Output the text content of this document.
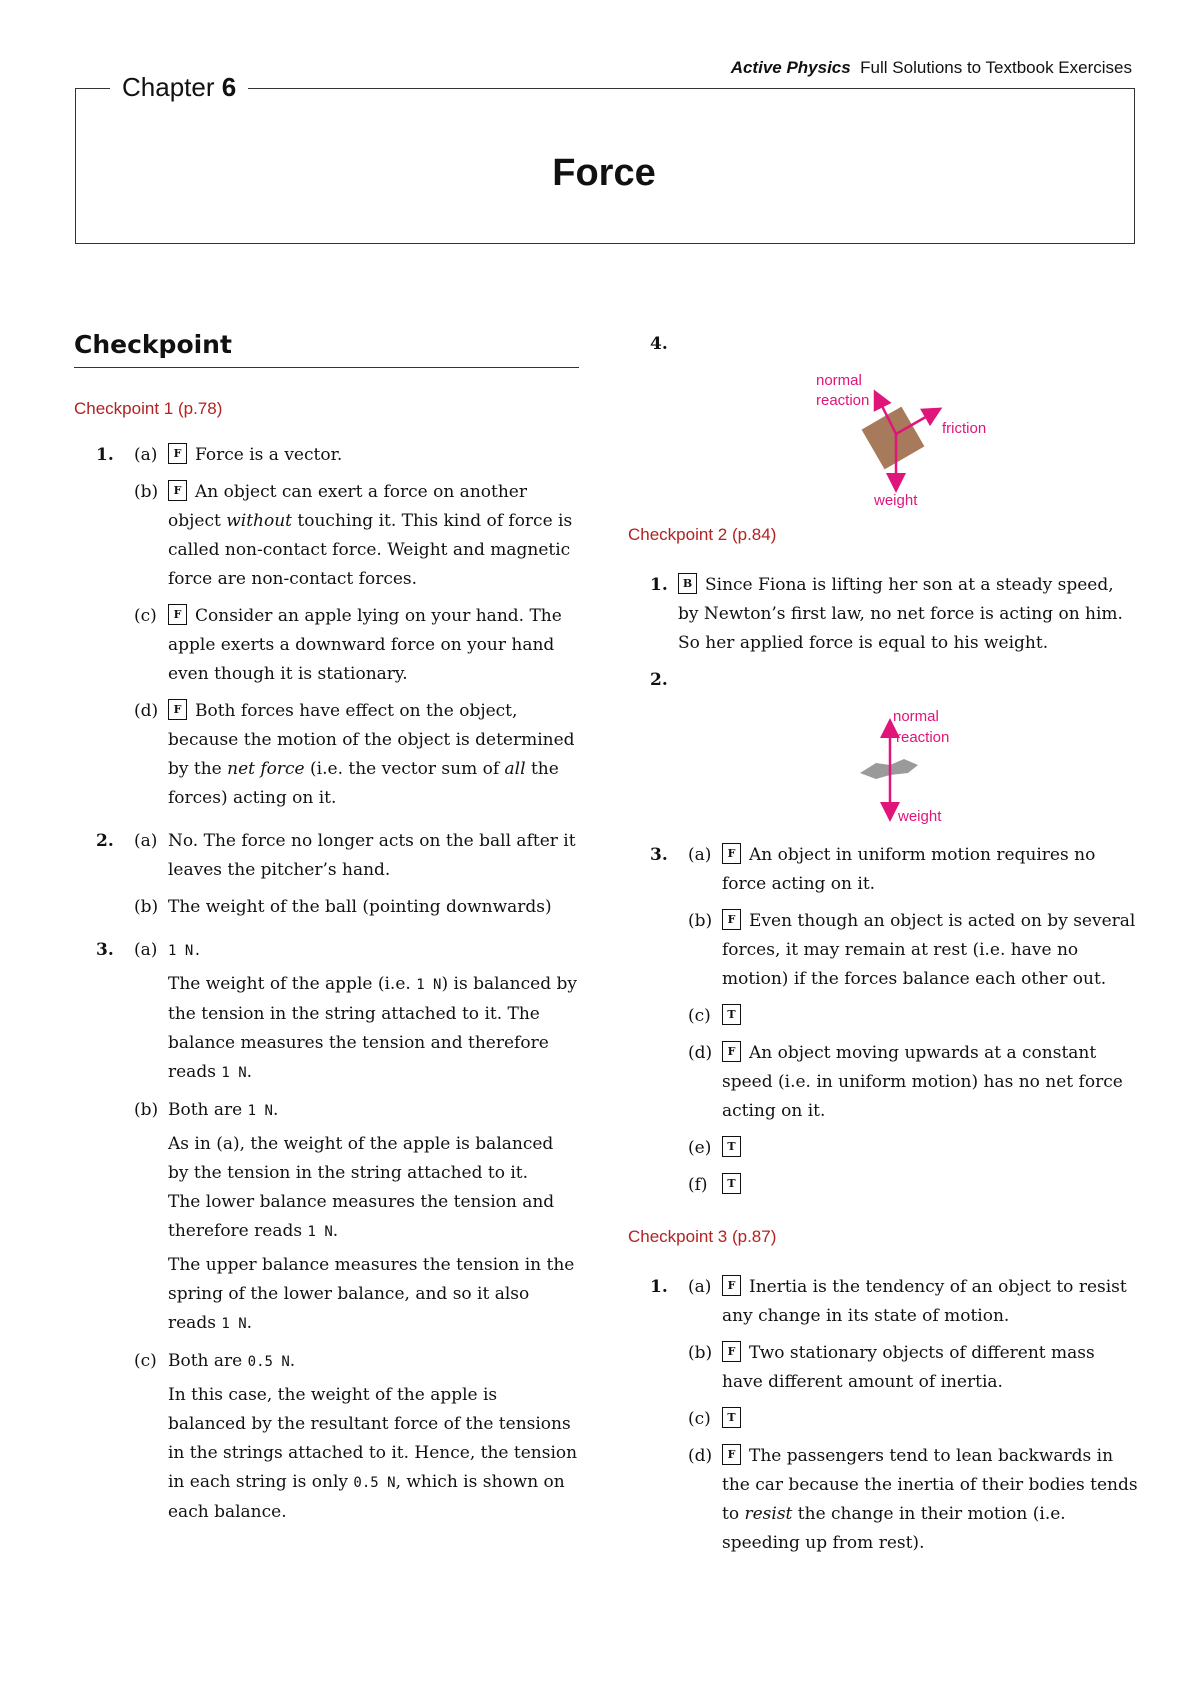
Active Physics Full Solutions to Textbook Exercises
Chapter 6
Force
Checkpoint
Checkpoint 1 (p.78)
1. (a) F Force is a vector.
(b) F An object can exert a force on another object without touching it. This kind of force is called non-contact force. Weight and magnetic force are non-contact forces.
(c) F Consider an apple lying on your hand. The apple exerts a downward force on your hand even though it is stationary.
(d) F Both forces have effect on the object, because the motion of the object is determined by the net force (i.e. the vector sum of all the forces) acting on it.
2. (a) No. The force no longer acts on the ball after it leaves the pitcher’s hand.
(b) The weight of the ball (pointing downwards)
3. (a) 1 N.
The weight of the apple (i.e. 1 N) is balanced by the tension in the string attached to it. The balance measures the tension and therefore reads 1 N.
(b) Both are 1 N.
As in (a), the weight of the apple is balanced by the tension in the string attached to it.
The lower balance measures the tension and therefore reads 1 N.
The upper balance measures the tension in the spring of the lower balance, and so it also reads 1 N.
(c) Both are 0.5 N.
In this case, the weight of the apple is balanced by the resultant force of the tensions in the strings attached to it. Hence, the tension in each string is only 0.5 N, which is shown on each balance.
4.
normal
reaction
friction
weight
Checkpoint 2 (p.84)
1. B Since Fiona is lifting her son at a steady speed, by Newton’s first law, no net force is acting on him. So her applied force is equal to his weight.
2.

normal
reaction
weight
3. (a) F An object in uniform motion requires no force acting on it.
(b) F Even though an object is acted on by several forces, it may remain at rest (i.e. have no motion) if the forces balance each other out.
(c) T
(d) F An object moving upwards at a constant speed (i.e. in uniform motion) has no net force acting on it.
(e) T
(f) T
Checkpoint 3 (p.87)
1. (a) F Inertia is the tendency of an object to resist any change in its state of motion.
(b) F Two stationary objects of different mass have different amount of inertia.
(c) T
(d) F The passengers tend to lean backwards in the car because the inertia of their bodies tends to resist the change in their motion (i.e. speeding up from rest).
